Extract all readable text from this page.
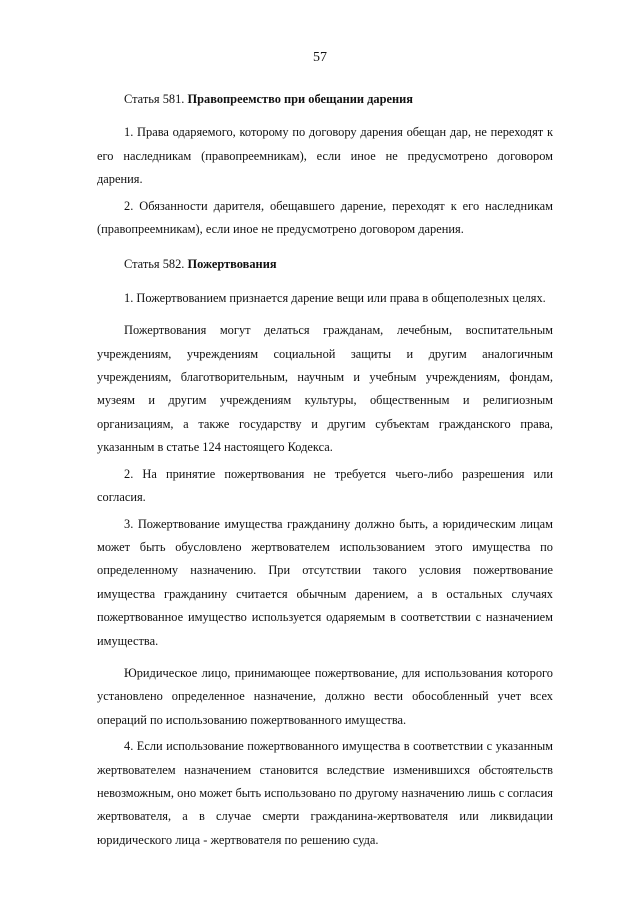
57

Статья 581. Правопреемство при обещании дарения

1. Права одаряемого, которому по договору дарения обещан дар, не переходят к его наследникам (правопреемникам), если иное не предусмотрено договором дарения.

2. Обязанности дарителя, обещавшего дарение, переходят к его наследникам (правопреемникам), если иное не предусмотрено договором дарения.

Статья 582. Пожертвования

1. Пожертвованием признается дарение вещи или права в общеполезных целях.

Пожертвования могут делаться гражданам, лечебным, воспитательным учреждениям, учреждениям социальной защиты и другим аналогичным учреждениям, благотворительным, научным и учебным учреждениям, фондам, музеям и другим учреждениям культуры, общественным и религиозным организациям, а также государству и другим субъектам гражданского права, указанным в статье 124 настоящего Кодекса.

2. На принятие пожертвования не требуется чьего-либо разрешения или согласия.

3. Пожертвование имущества гражданину должно быть, а юридическим лицам может быть обусловлено жертвователем использованием этого имущества по определенному назначению. При отсутствии такого условия пожертвование имущества гражданину считается обычным дарением, а в остальных случаях пожертвованное имущество используется одаряемым в соответствии с назначением имущества.

Юридическое лицо, принимающее пожертвование, для использования которого установлено определенное назначение, должно вести обособленный учет всех операций по использованию пожертвованного имущества.

4. Если использование пожертвованного имущества в соответствии с указанным жертвователем назначением становится вследствие изменившихся обстоятельств невозможным, оно может быть использовано по другому назначению лишь с согласия жертвователя, а в случае смерти гражданина-жертвователя или ликвидации юридического лица - жертвователя по решению суда.
